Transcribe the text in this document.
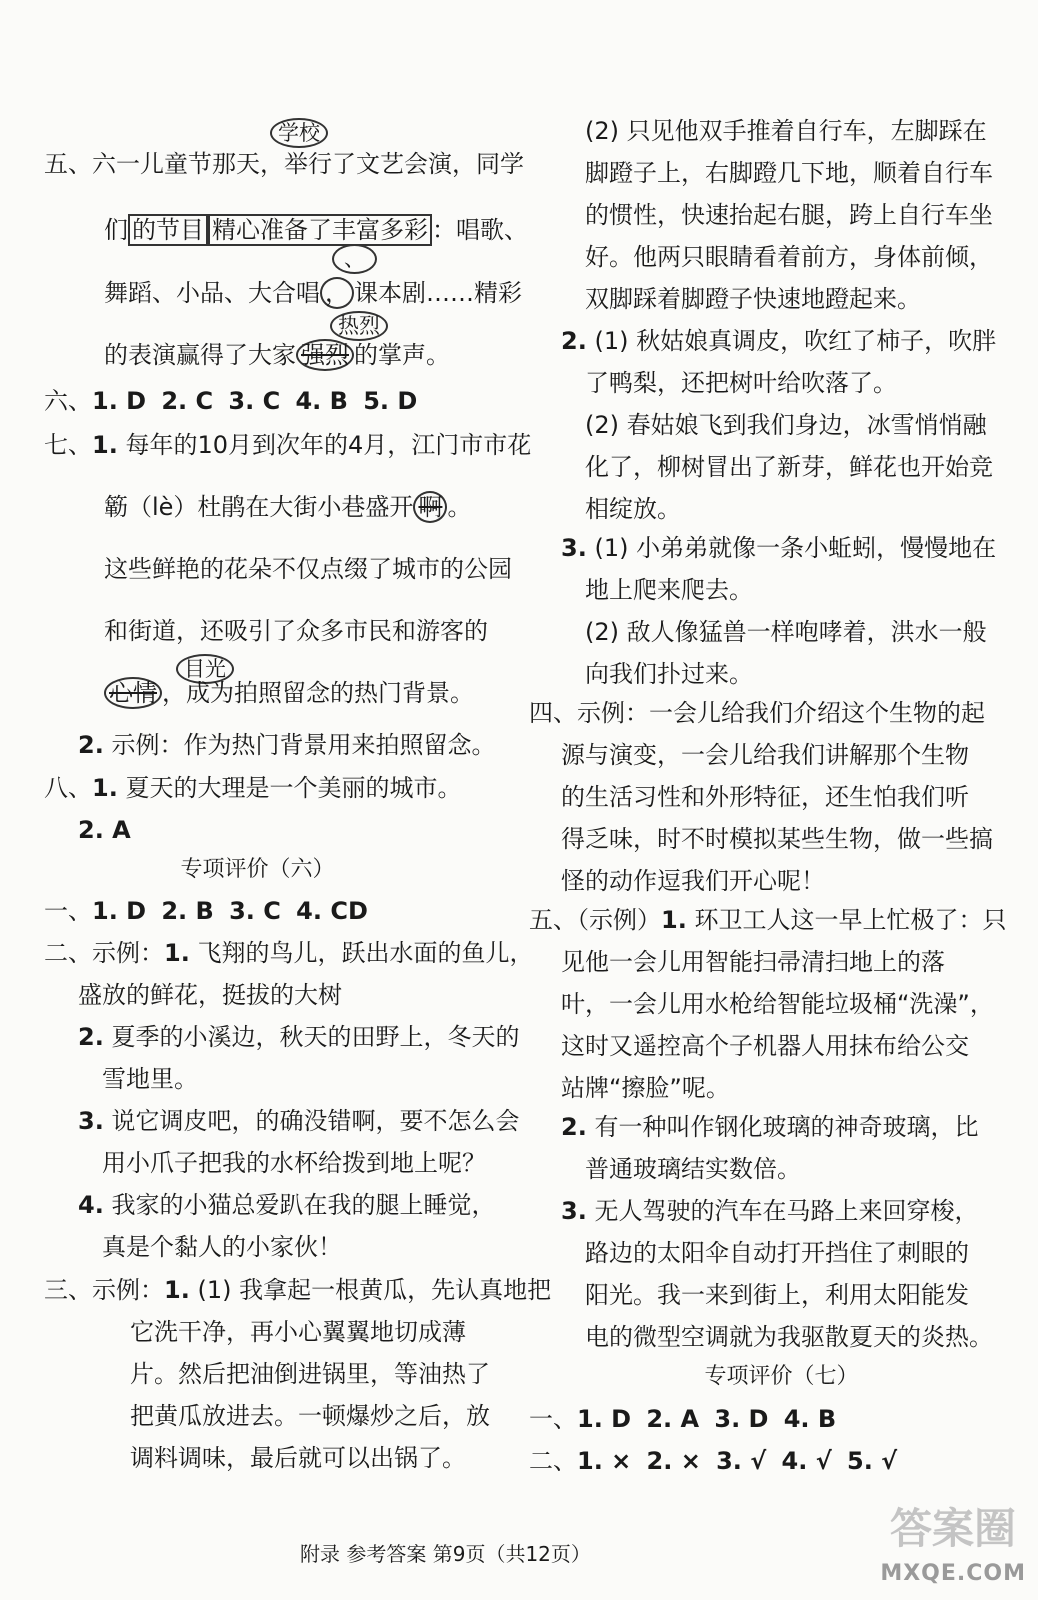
学校
、
热烈
目光
五、六一儿童节那天，举行了文艺会演，同学
们 的节目 精心准备了丰富多彩 ：唱歌、
舞蹈、小品、大合唱 ， 课本剧……精彩
的表演赢得了大家 强烈 的掌声。
六、1. D 2. C 3. C 4. B 5. D
七、1. 每年的10月到次年的4月，江门市市花
簕（lè）杜鹃在大街小巷盛开 啊 。
这些鲜艳的花朵不仅点缀了城市的公园
和街道，还吸引了众多市民和游客的
心情 ，成为拍照留念的热门背景。
2. 示例：作为热门背景用来拍照留念。
八、1. 夏天的大理是一个美丽的城市。
2. A
专项评价（六）
一、1. D 2. B 3. C 4. CD
二、示例：1. 飞翔的鸟儿，跃出水面的鱼儿，
盛放的鲜花，挺拔的大树
2. 夏季的小溪边，秋天的田野上，冬天的
雪地里。
3. 说它调皮吧，的确没错啊，要不怎么会
用小爪子把我的水杯给拨到地上呢？
4. 我家的小猫总爱趴在我的腿上睡觉，
真是个黏人的小家伙！
三、示例：1. (1) 我拿起一根黄瓜，先认真地把
它洗干净，再小心翼翼地切成薄
片。然后把油倒进锅里，等油热了
把黄瓜放进去。一顿爆炒之后，放
调料调味，最后就可以出锅了。
(2) 只见他双手推着自行车，左脚踩在
脚蹬子上，右脚蹬几下地，顺着自行车
的惯性，快速抬起右腿，跨上自行车坐
好。他两只眼睛看着前方，身体前倾，
双脚踩着脚蹬子快速地蹬起来。
2. (1) 秋姑娘真调皮，吹红了柿子，吹胖
了鸭梨，还把树叶给吹落了。
(2) 春姑娘飞到我们身边，冰雪悄悄融
化了，柳树冒出了新芽，鲜花也开始竞
相绽放。
3. (1) 小弟弟就像一条小蚯蚓，慢慢地在
地上爬来爬去。
(2) 敌人像猛兽一样咆哮着，洪水一般
向我们扑过来。
四、示例：一会儿给我们介绍这个生物的起
源与演变，一会儿给我们讲解那个生物
的生活习性和外形特征，还生怕我们听
得乏味，时不时模拟某些生物，做一些搞
怪的动作逗我们开心呢！
五、（示例）1. 环卫工人这一早上忙极了：只
见他一会儿用智能扫帚清扫地上的落
叶，一会儿用水枪给智能垃圾桶“洗澡”，
这时又遥控高个子机器人用抹布给公交
站牌“擦脸”呢。
2. 有一种叫作钢化玻璃的神奇玻璃，比
普通玻璃结实数倍。
3. 无人驾驶的汽车在马路上来回穿梭，
路边的太阳伞自动打开挡住了刺眼的
阳光。我一来到街上，利用太阳能发
电的微型空调就为我驱散夏天的炎热。
专项评价（七）
一、1. D 2. A 3. D 4. B
二、1. × 2. × 3. √ 4. √ 5. √
附录 参考答案 第9页（共12页）
答案圈
MXQE.COM
